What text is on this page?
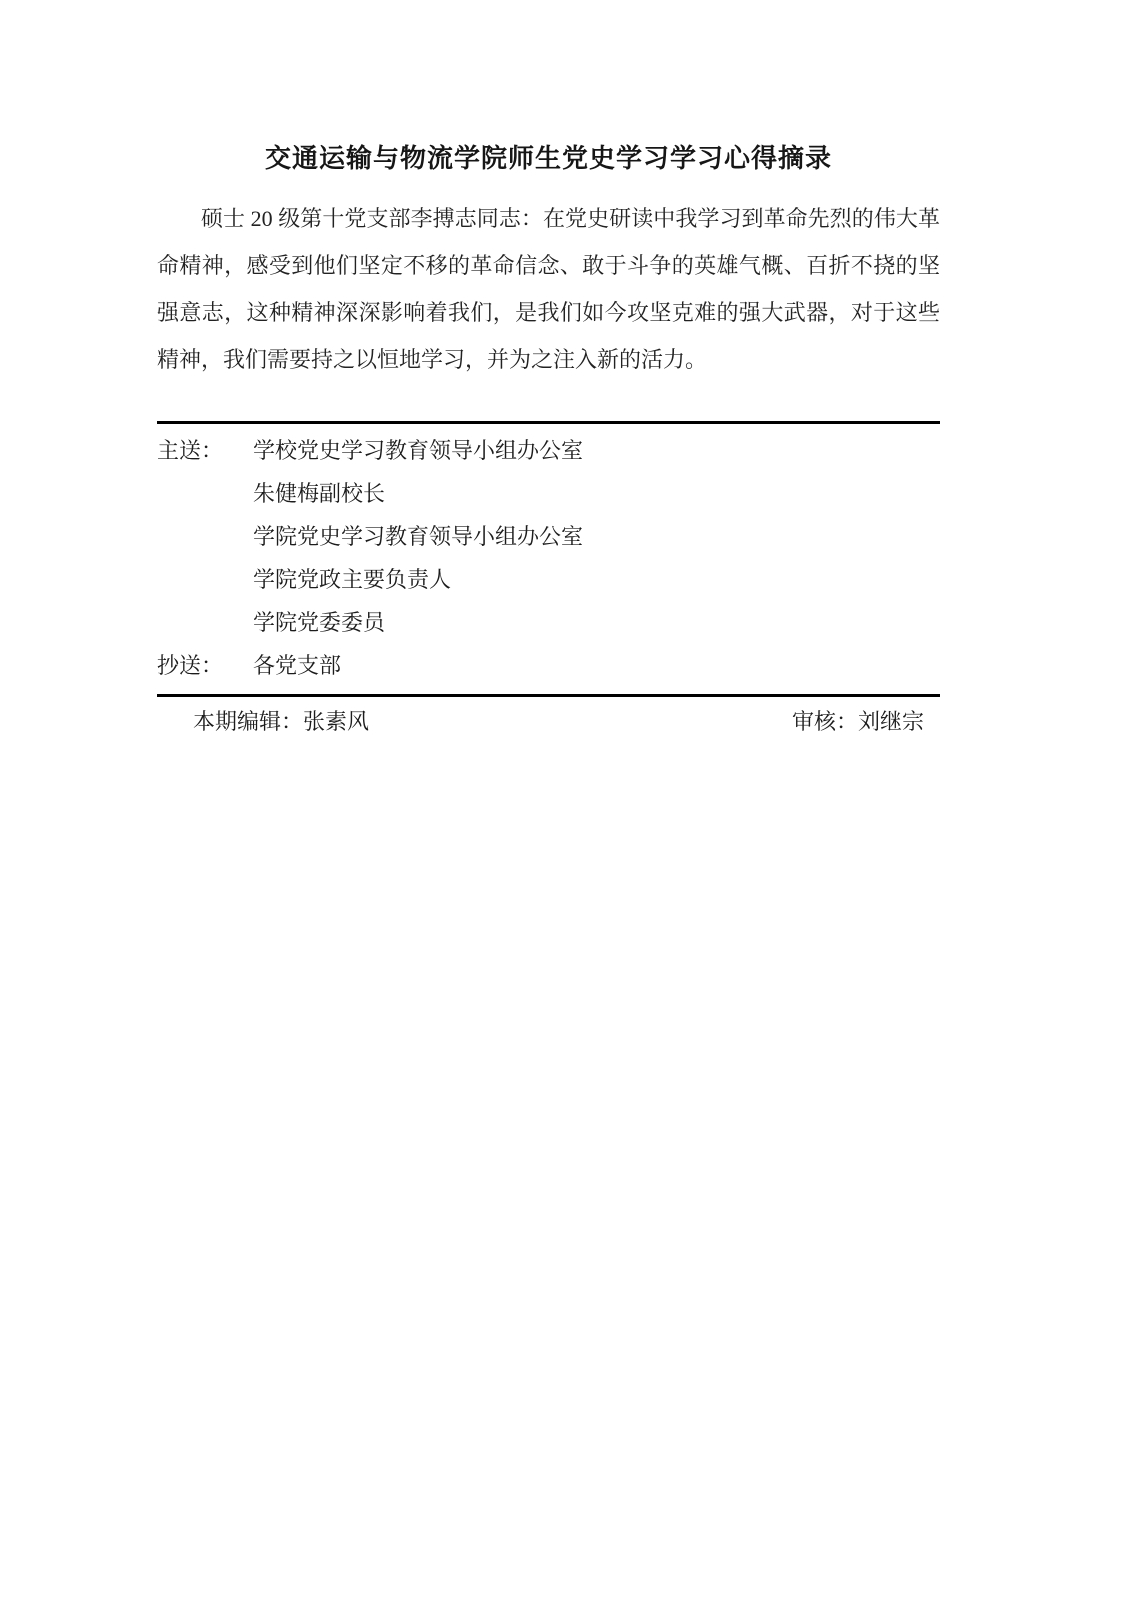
交通运输与物流学院师生党史学习学习心得摘录

硕士 20 级第十党支部李搏志同志：在党史研读中我学习到革命先烈的伟大革命精神，感受到他们坚定不移的革命信念、敢于斗争的英雄气概、百折不挠的坚强意志，这种精神深深影响着我们，是我们如今攻坚克难的强大武器，对于这些精神，我们需要持之以恒地学习，并为之注入新的活力。

主送：	学校党史学习教育领导小组办公室
朱健梅副校长
学院党史学习教育领导小组办公室
学院党政主要负责人
学院党委委员
抄送：	各党支部
本期编辑：张素风	审核：刘继宗
